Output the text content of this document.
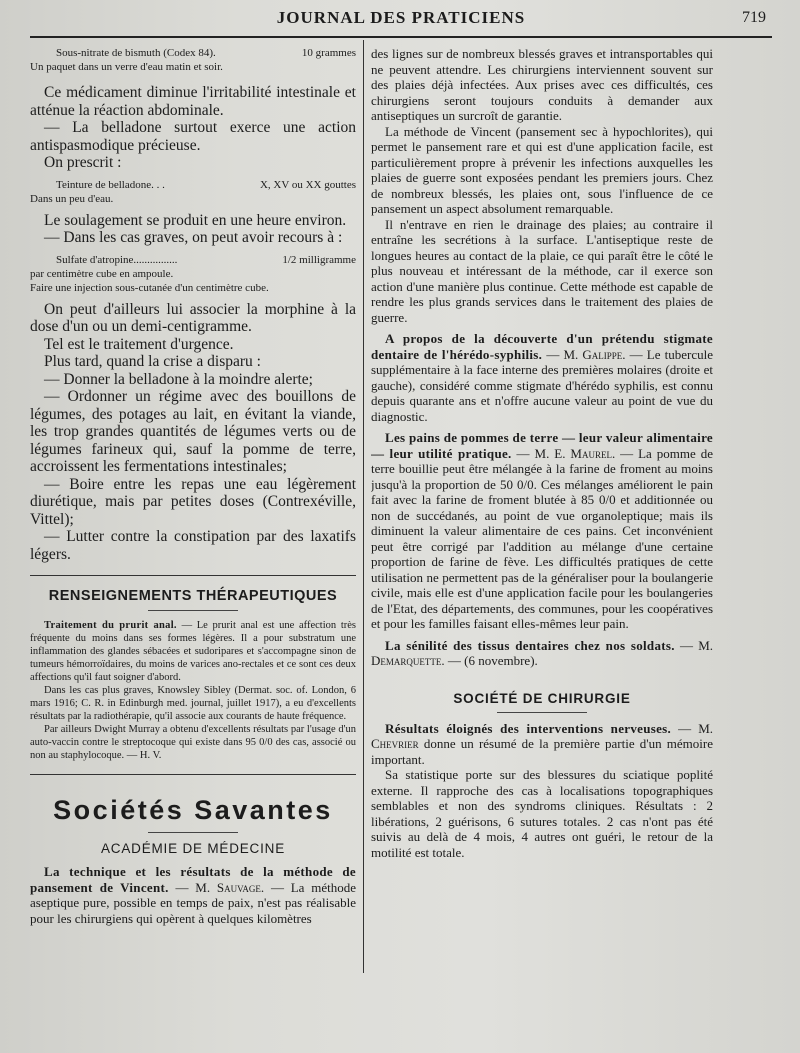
JOURNAL DES PRATICIENS	719
Sous-nitrate de bismuth (Codex 84).	10 grammes

Un paquet dans un verre d'eau matin et soir.

Ce médicament diminue l'irritabilité intestinale et atténue la réaction abdominale.

— La belladone surtout exerce une action antispasmodique précieuse.

On prescrit :

Teinture de belladone. . .	X, XV ou XX gouttes

Dans un peu d'eau.

Le soulagement se produit en une heure environ.

— Dans les cas graves, on peut avoir recours à :

Sulfate d'atropine................	1/2 milligramme

par centimètre cube en ampoule.

Faire une injection sous-cutanée d'un centimètre cube.

On peut d'ailleurs lui associer la morphine à la dose d'un ou un demi-centigramme.

Tel est le traitement d'urgence.

Plus tard, quand la crise a disparu :

— Donner la belladone à la moindre alerte;

— Ordonner un régime avec des bouillons de légumes, des potages au lait, en évitant la viande, les trop grandes quantités de légumes verts ou de légumes farineux qui, sauf la pomme de terre, accroissent les fermentations intestinales;

— Boire entre les repas une eau légèrement diurétique, mais par petites doses (Contrexéville, Vittel);

— Lutter contre la constipation par des laxatifs légers.

RENSEIGNEMENTS THÉRAPEUTIQUES

Traitement du prurit anal. — Le prurit anal est une affection très fréquente du moins dans ses formes légères. Il a pour substratum une inflammation des glandes sébacées et sudoripares et s'accompagne sinon de tumeurs hémorroïdaires, du moins de varices ano-rectales et ce sont ces deux affections qu'il faut soigner d'abord.

Dans les cas plus graves, Knowsley Sibley (Dermat. soc. of. London, 6 mars 1916; C. R. in Edinburgh med. journal, juillet 1917), a eu d'excellents résultats par la radiothérapie, qu'il associe aux courants de haute fréquence.

Par ailleurs Dwight Murray a obtenu d'excellents résultats par l'usage d'un auto-vaccin contre le streptocoque qui existe dans 95 0/0 des cas, associé ou non au staphylocoque. — H. V.

Sociétés Savantes
ACADÉMIE DE MÉDECINE

La technique et les résultats de la méthode de pansement de Vincent. — M. Sauvage. — La méthode aseptique pure, possible en temps de paix, n'est pas réalisable pour les chirurgiens qui opèrent à quelques kilomètres

des lignes sur de nombreux blessés graves et intransportables qui ne peuvent attendre. Les chirurgiens interviennent souvent sur des plaies déjà infectées. Aux prises avec ces difficultés, ces chirurgiens seront toujours conduits à demander aux antiseptiques un surcroît de garantie.

La méthode de Vincent (pansement sec à hypochlorites), qui permet le pansement rare et qui est d'une application facile, est particulièrement propre à prévenir les infections auxquelles les plaies de guerre sont exposées pendant les premiers jours. Chez de nombreux blessés, les plaies ont, sous l'influence de ce pansement un aspect absolument remarquable.

Il n'entrave en rien le drainage des plaies; au contraire il entraîne les secrétions à la surface. L'antiseptique reste de longues heures au contact de la plaie, ce qui paraît être le côté le plus nouveau et intéressant de la méthode, car il exerce son action d'une manière plus continue. Cette méthode est capable de rendre les plus grands services dans le traitement des plaies de guerre.

A propos de la découverte d'un prétendu stigmate dentaire de l'hérédo-syphilis. — M. Galippe. — Le tubercule supplémentaire à la face interne des premières molaires (droite et gauche), considéré comme stigmate d'hérédo syphilis, est connu depuis quarante ans et n'offre aucune valeur au point de vue du diagnostic.

Les pains de pommes de terre — leur valeur alimentaire — leur utilité pratique. — M. E. Maurel. — La pomme de terre bouillie peut être mélangée à la farine de froment au moins jusqu'à la proportion de 50 0/0. Ces mélanges améliorent le pain fait avec la farine de froment blutée à 85 0/0 et additionnée ou non de succédanés, au point de vue organoleptique; mais ils diminuent la valeur alimentaire de ces pains. Cet inconvénient peut être corrigé par l'addition au mélange d'une certaine proportion de farine de fève. Les difficultés pratiques de cette utilisation ne permettent pas de la généraliser pour la boulangerie civile, mais elle est d'une application facile pour les boulangeries de l'Etat, des départements, des communes, pour les coopératives et pour les familles faisant elles-mêmes leur pain.

La sénilité des tissus dentaires chez nos soldats. — M. Demarquette. — (6 novembre).

SOCIÉTÉ DE CHIRURGIE

Résultats éloignés des interventions nerveuses. — M. Chevrier donne un résumé de la première partie d'un mémoire important.

Sa statistique porte sur des blessures du sciatique poplité externe. Il rapproche des cas à localisations topographiques semblables et non des syndroms cliniques. Résultats : 2 libérations, 2 guérisons, 6 sutures totales. 2 cas n'ont pas été suivis au delà de 4 mois, 4 autres ont guéri, le retour de la motilité est totale.
